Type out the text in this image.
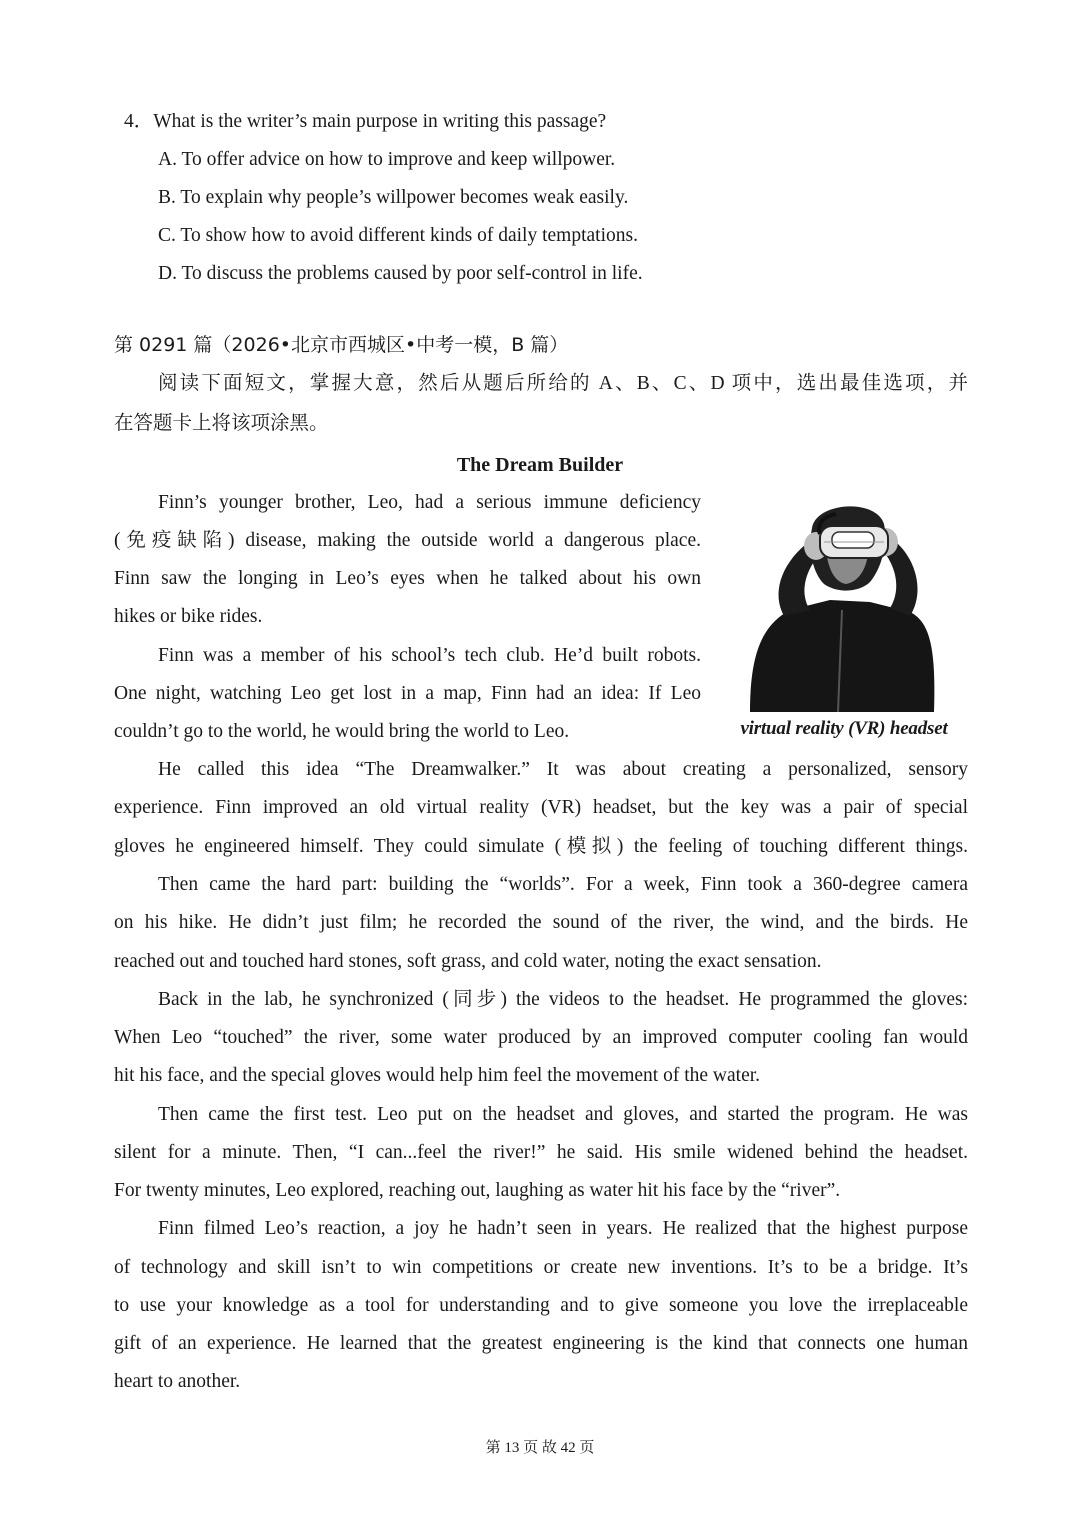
4．What is the writer’s main purpose in writing this passage?
A. To offer advice on how to improve and keep willpower.
B. To explain why people’s willpower becomes weak easily.
C. To show how to avoid different kinds of daily temptations.
D. To discuss the problems caused by poor self-control in life.
第 0291 篇（2026•北京市西城区•中考一模，B 篇）
阅读下面短文，掌握大意，然后从题后所给的 A、B、C、D 项中，选出最佳选项，并
在答题卡上将该项涂黑。
The Dream Builder
Finn’s younger brother, Leo, had a serious immune deficiency
(免疫缺陷) disease, making the outside world a dangerous place.
Finn saw the longing in Leo’s eyes when he talked about his own
hikes or bike rides.
Finn was a member of his school’s tech club. He’d built robots.
One night, watching Leo get lost in a map, Finn had an idea: If Leo
couldn’t go to the world, he would bring the world to Leo.	virtual reality (VR) headset
He called this idea “The Dreamwalker.” It was about creating a personalized, sensory
experience. Finn improved an old virtual reality (VR) headset, but the key was a pair of special
gloves he engineered himself. They could simulate (模拟) the feeling of touching different things.
Then came the hard part: building the “worlds”. For a week, Finn took a 360-degree camera
on his hike. He didn’t just film; he recorded the sound of the river, the wind, and the birds. He
reached out and touched hard stones, soft grass, and cold water, noting the exact sensation.
Back in the lab, he synchronized (同步) the videos to the headset. He programmed the gloves:
When Leo “touched” the river, some water produced by an improved computer cooling fan would
hit his face, and the special gloves would help him feel the movement of the water.
Then came the first test. Leo put on the headset and gloves, and started the program. He was
silent for a minute. Then, “I can...feel the river!” he said. His smile widened behind the headset.
For twenty minutes, Leo explored, reaching out, laughing as water hit his face by the “river”.
Finn filmed Leo’s reaction, a joy he hadn’t seen in years. He realized that the highest purpose
of technology and skill isn’t to win competitions or create new inventions. It’s to be a bridge. It’s
to use your knowledge as a tool for understanding and to give someone you love the irreplaceable
gift of an experience. He learned that the greatest engineering is the kind that connects one human
heart to another.
第 13 页 故 42 页
